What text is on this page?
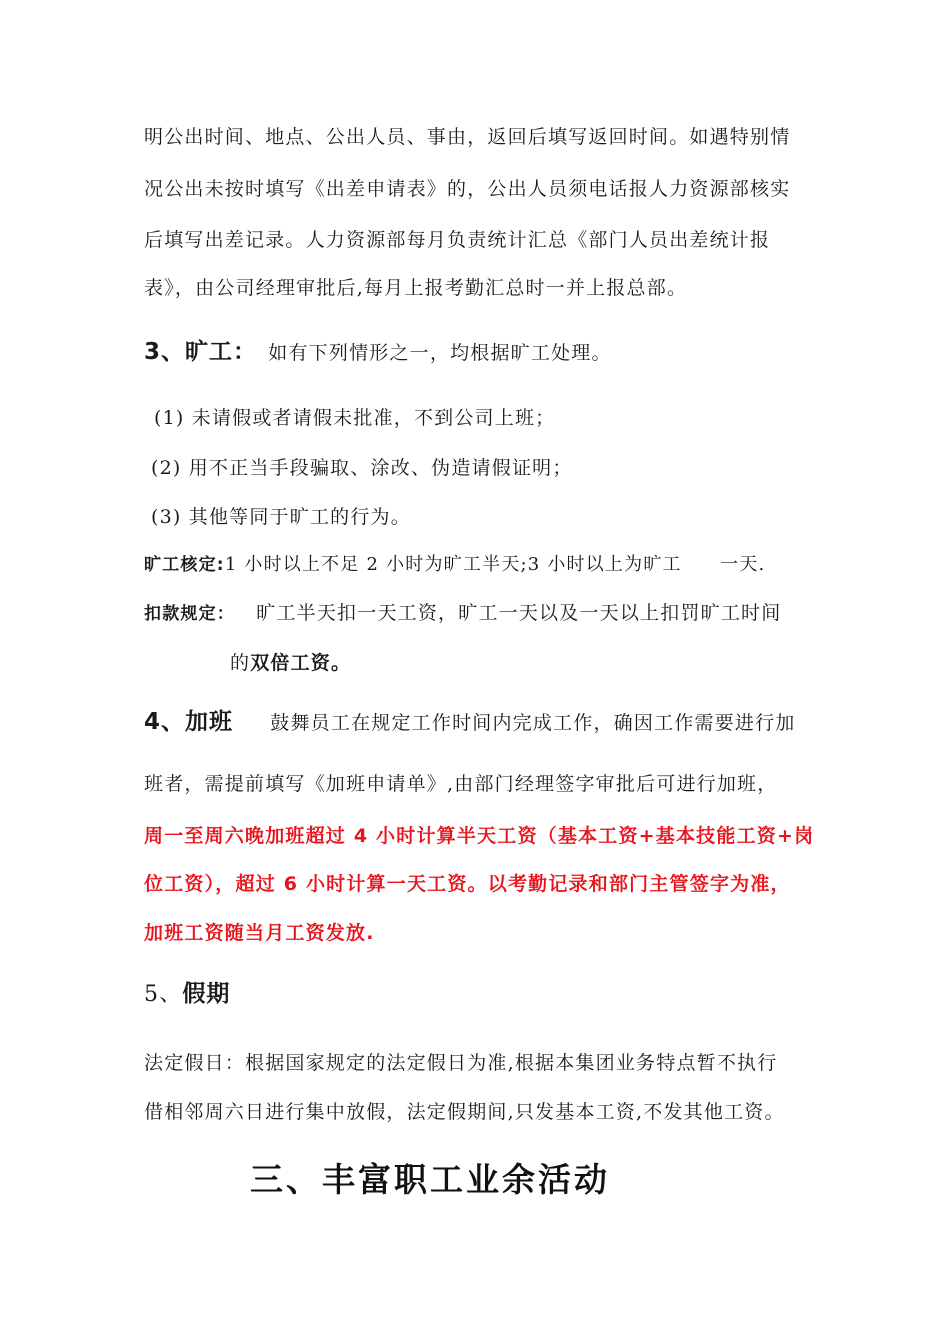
明公出时间、地点、公出人员、事由，返回后填写返回时间。如遇特别情
况公出未按时填写《出差申请表》的，公出人员须电话报人力资源部核实
后填写出差记录。人力资源部每月负责统计汇总《部门人员出差统计报
表》，由公司经理审批后,每月上报考勤汇总时一并上报总部。
3、旷工： 如有下列情形之一，均根据旷工处理。
(1) 未请假或者请假未批准，不到公司上班；
(2) 用不正当手段骗取、涂改、伪造请假证明；
(3) 其他等同于旷工的行为。
旷工核定:1 小时以上不足 2 小时为旷工半天;3 小时以上为旷工　　一天.
扣款规定： 旷工半天扣一天工资，旷工一天以及一天以上扣罚旷工时间
的双倍工资。
4、加班 鼓舞员工在规定工作时间内完成工作，确因工作需要进行加
班者，需提前填写《加班申请单》,由部门经理签字审批后可进行加班，
周一至周六晚加班超过 4 小时计算半天工资（基本工资+基本技能工资+岗
位工资），超过 6 小时计算一天工资。以考勤记录和部门主管签字为准，
加班工资随当月工资发放.
5、假期
法定假日：根据国家规定的法定假日为准,根据本集团业务特点暂不执行
借相邻周六日进行集中放假，法定假期间,只发基本工资,不发其他工资。
三、丰富职工业余活动
